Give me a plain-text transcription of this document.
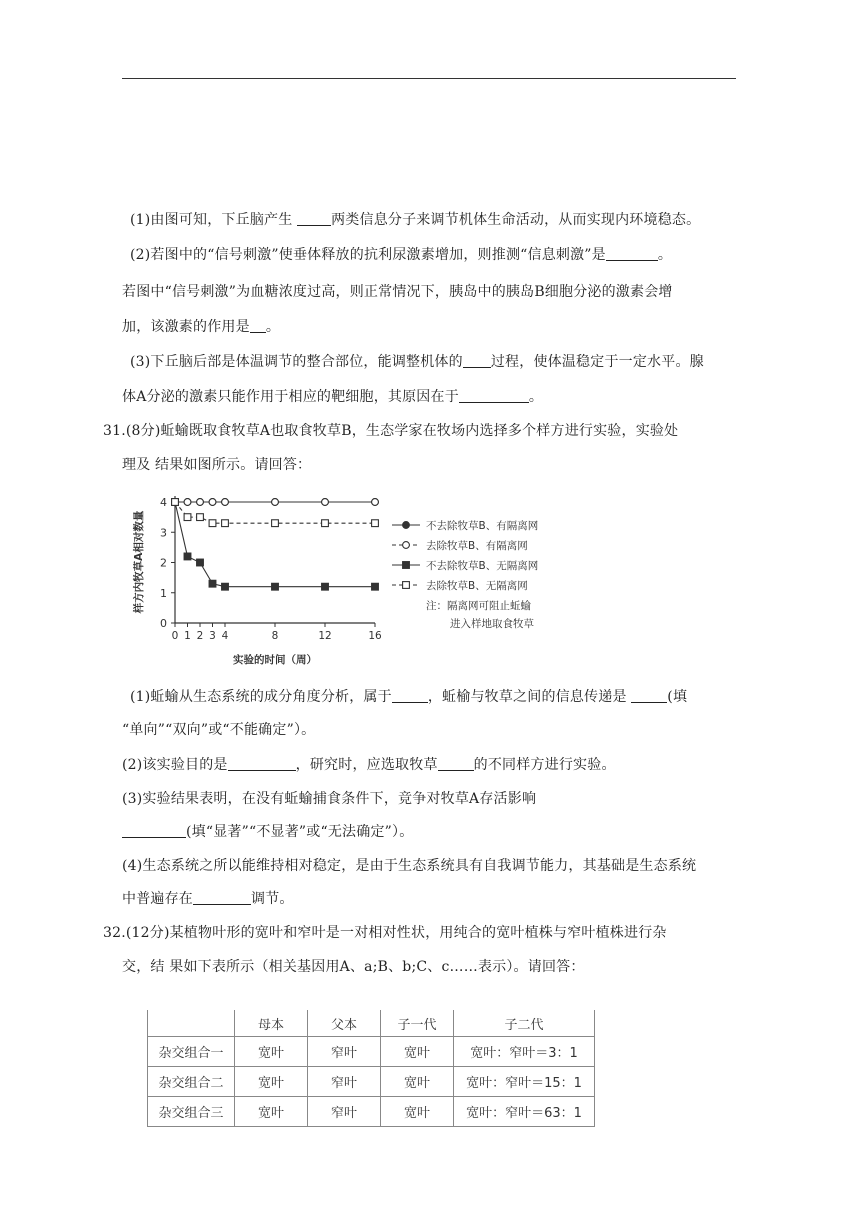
(1)由图可知，下丘脑产生 两类信息分子来调节机体生命活动，从而实现内环境稳态。
(2)若图中的“信号刺激”使垂体释放的抗利尿激素增加，则推测“信息刺激”是	。
若图中“信号刺激”为血糖浓度过高，则正常情况下，胰岛中的胰岛B细胞分泌的激素会增
加，该激素的作用是 。
(3)下丘脑后部是体温调节的整合部位，能调整机体的 过程，使体温稳定于一定水平。腺
体A分泌的激素只能作用于相应的靶细胞，其原因在于	。
31.(8分)蚯蝓既取食牧草A也取食牧草B，生态学家在牧场内选择多个样方进行实验，实验处
理及 结果如图所示。请回答：
样方内牧草A相对数量
实验的时间（周）
0
1
2
3
4
0 1 2 3 4	8	12	16
不去除牧草B、有隔离网
去除牧草B、有隔离网
不去除牧草B、无隔离网
去除牧草B、无隔离网
注：隔离网可阻止蚯蝓
进入样地取食牧草
(1)蚯蝓从生态系统的成分角度分析，属于	，蚯榆与牧草之间的信息传递是	(填
“单向”“双向”或“不能确定”）。
(2)该实验目的是	，研究时，应选取牧草	的不同样方进行实验。
(3)实验结果表明，在没有蚯蝓捕食条件下，竞争对牧草A存活影响
(填“显著”“不显著”或“无法确定”）。
(4)生态系统之所以能维持相对稳定，是由于生态系统具有自我调节能力，其基础是生态系统
中普遍存在	调节。
32.(12分)某植物叶形的宽叶和窄叶是一对相对性状，用纯合的宽叶植株与窄叶植株进行杂
交，结 果如下表所示（相关基因用A、a;B、b;C、c……表示）。请回答：
	母本	父本	子一代	子二代
杂交组合一	宽叶	窄叶	宽叶	宽叶：窄叶＝3：1
杂交组合二	宽叶	窄叶	宽叶	宽叶：窄叶＝15：1
杂交组合三	宽叶	窄叶	宽叶	宽叶：窄叶＝63：1
